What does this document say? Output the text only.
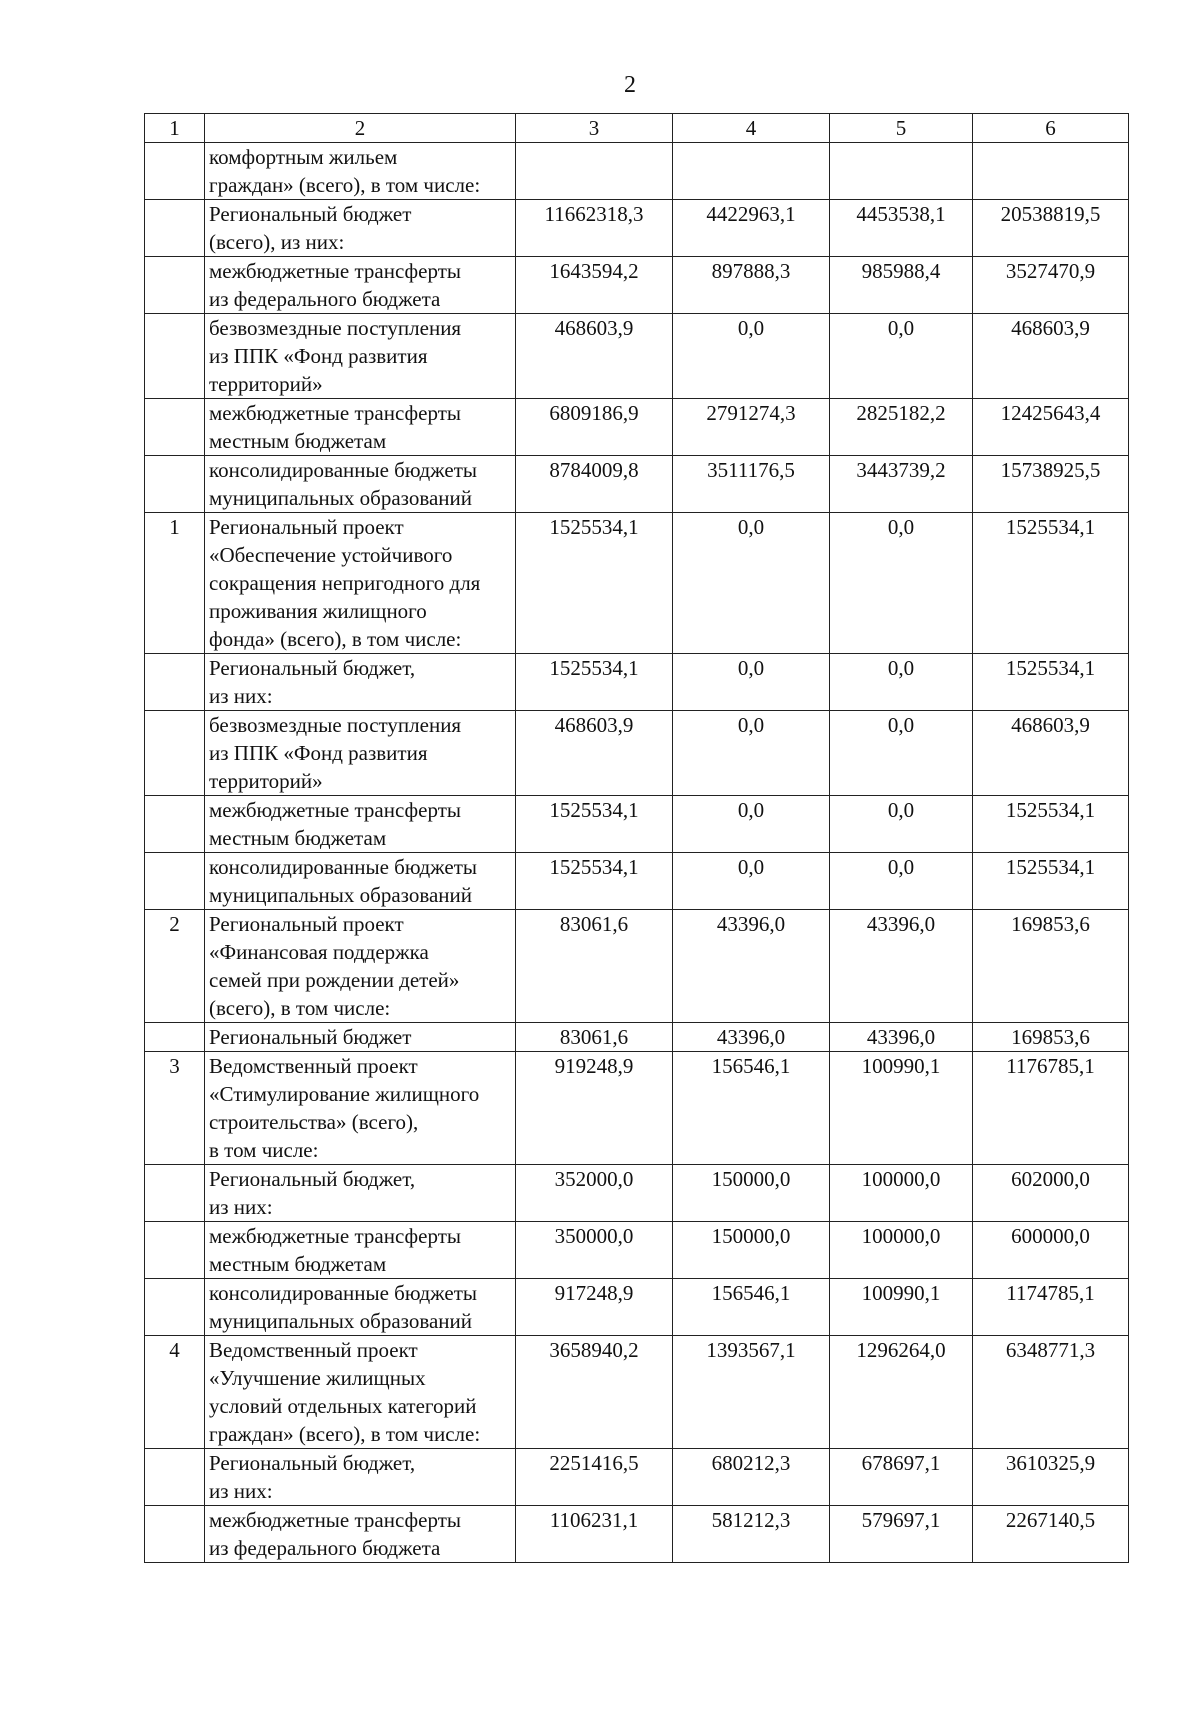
2
1	2	3	4	5	6
	комфортным жильем
граждан» (всего), в том числе:				
	Региональный бюджет
(всего), из них:	11662318,3	4422963,1	4453538,1	20538819,5
	межбюджетные трансферты
из федерального бюджета	1643594,2	897888,3	985988,4	3527470,9
	безвозмездные поступления
из ППК «Фонд развития
территорий»	468603,9	0,0	0,0	468603,9
	межбюджетные трансферты
местным бюджетам	6809186,9	2791274,3	2825182,2	12425643,4
	консолидированные бюджеты
муниципальных образований	8784009,8	3511176,5	3443739,2	15738925,5
1	Региональный проект
«Обеспечение устойчивого
сокращения непригодного для
проживания жилищного
фонда» (всего), в том числе:	1525534,1	0,0	0,0	1525534,1
	Региональный бюджет,
из них:	1525534,1	0,0	0,0	1525534,1
	безвозмездные поступления
из ППК «Фонд развития
территорий»	468603,9	0,0	0,0	468603,9
	межбюджетные трансферты
местным бюджетам	1525534,1	0,0	0,0	1525534,1
	консолидированные бюджеты
муниципальных образований	1525534,1	0,0	0,0	1525534,1
2	Региональный проект
«Финансовая поддержка
семей при рождении детей»
(всего), в том числе:	83061,6	43396,0	43396,0	169853,6
	Региональный бюджет	83061,6	43396,0	43396,0	169853,6
3	Ведомственный проект
«Стимулирование жилищного
строительства» (всего),
в том числе:	919248,9	156546,1	100990,1	1176785,1
	Региональный бюджет,
из них:	352000,0	150000,0	100000,0	602000,0
	межбюджетные трансферты
местным бюджетам	350000,0	150000,0	100000,0	600000,0
	консолидированные бюджеты
муниципальных образований	917248,9	156546,1	100990,1	1174785,1
4	Ведомственный проект
«Улучшение жилищных
условий отдельных категорий
граждан» (всего), в том числе:	3658940,2	1393567,1	1296264,0	6348771,3
	Региональный бюджет,
из них:	2251416,5	680212,3	678697,1	3610325,9
	межбюджетные трансферты
из федерального бюджета	1106231,1	581212,3	579697,1	2267140,5
